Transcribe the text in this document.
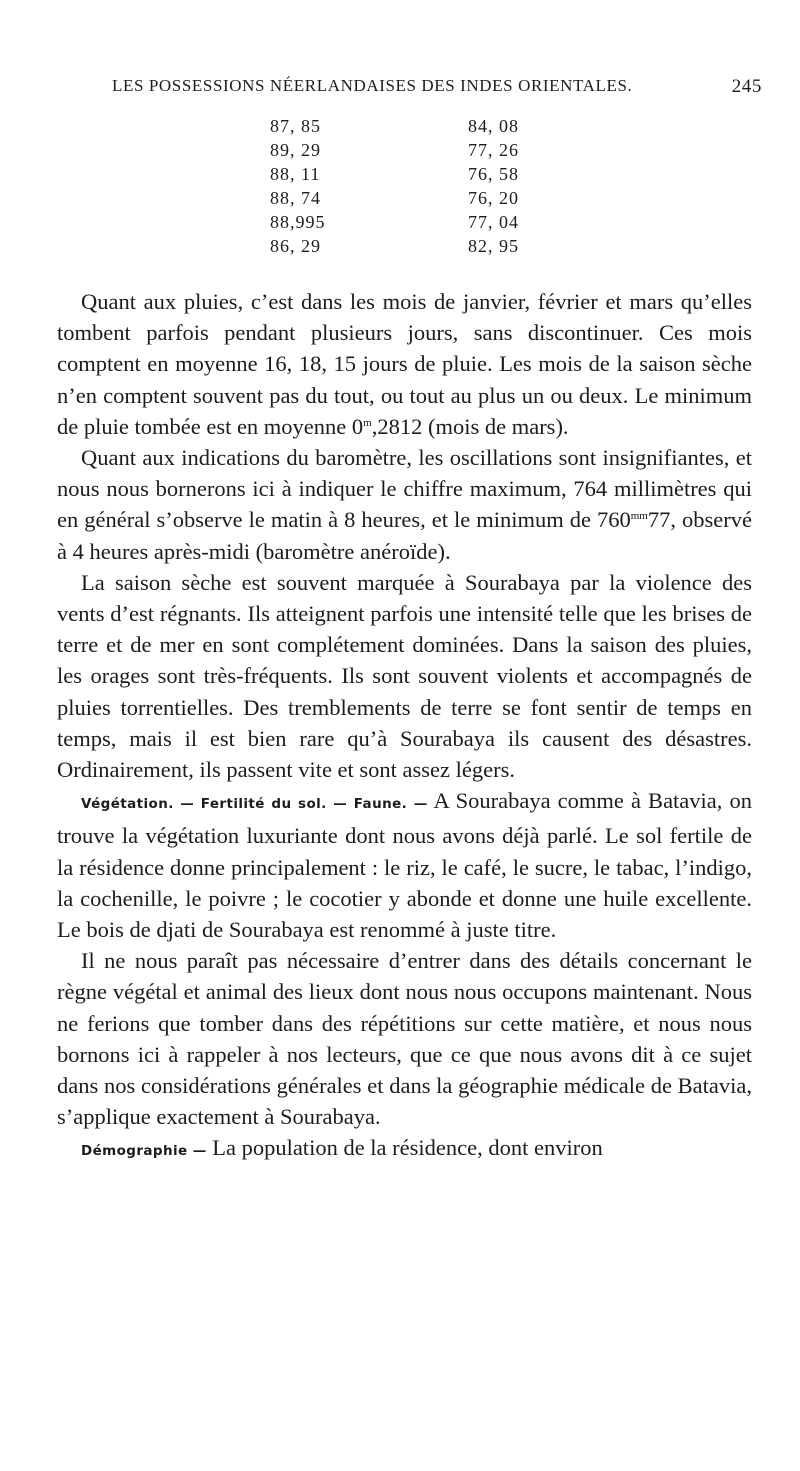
LES POSSESSIONS NÉERLANDAISES DES INDES ORIENTALES.	245
87, 85	84, 08
89, 29	77, 26
88, 11	76, 58
88, 74	76, 20
88,995	77, 04
86, 29	82, 95

Quant aux pluies, c’est dans les mois de janvier, février et mars qu’elles tombent parfois pendant plusieurs jours, sans discontinuer. Ces mois comptent en moyenne 16, 18, 15 jours de pluie. Les mois de la saison sèche n’en comptent souvent pas du tout, ou tout au plus un ou deux. Le minimum de pluie tombée est en moyenne 0$^m$,2812 (mois de mars).

Quant aux indications du baromètre, les oscillations sont insignifiantes, et nous nous bornerons ici à indiquer le chiffre maximum, 764 millimètres qui en général s’observe le matin à 8 heures, et le minimum de $760^{mm}77$, observé à 4 heures après-midi (baromètre anéroïde).

La saison sèche est souvent marquée à Sourabaya par la violence des vents d’est régnants. Ils atteignent parfois une intensité telle que les brises de terre et de mer en sont complétement dominées. Dans la saison des pluies, les orages sont très-fréquents. Ils sont souvent violents et accompagnés de pluies torrentielles. Des tremblements de terre se font sentir de temps en temps, mais il est bien rare qu’à Sourabaya ils causent des désastres. Ordinairement, ils passent vite et sont assez légers.

Végétation. — Fertilité du sol. — Faune. — A Sourabaya comme à Batavia, on trouve la végétation luxuriante dont nous avons déjà parlé. Le sol fertile de la résidence donne principalement : le riz, le café, le sucre, le tabac, l’indigo, la cochenille, le poivre ; le cocotier y abonde et donne une huile excellente. Le bois de djati de Sourabaya est renommé à juste titre.

Il ne nous paraît pas nécessaire d’entrer dans des détails concernant le règne végétal et animal des lieux dont nous nous occupons maintenant. Nous ne ferions que tomber dans des répétitions sur cette matière, et nous nous bornons ici à rappeler à nos lecteurs, que ce que nous avons dit à ce sujet dans nos considérations générales et dans la géographie médicale de Batavia, s’applique exactement à Sourabaya.

Démographie — La population de la résidence, dont environ
